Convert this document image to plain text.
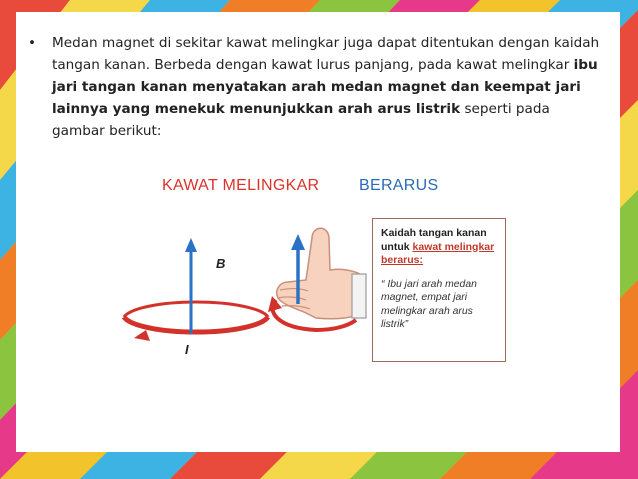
•	Medan magnet di sekitar kawat melingkar juga dapat ditentukan dengan kaidah tangan kanan. Berbeda dengan kawat lurus panjang, pada kawat melingkar ibu jari tangan kanan menyatakan arah medan magnet dan keempat jari lainnya yang menekuk menunjukkan arah arus listrik seperti pada gambar berikut:
KAWAT MELINGKAR BERARUS
B
I
Kaidah tangan kanan untuk kawat melingkar berarus:
“ Ibu jari arah medan magnet, empat jari melingkar arah arus listrik”
